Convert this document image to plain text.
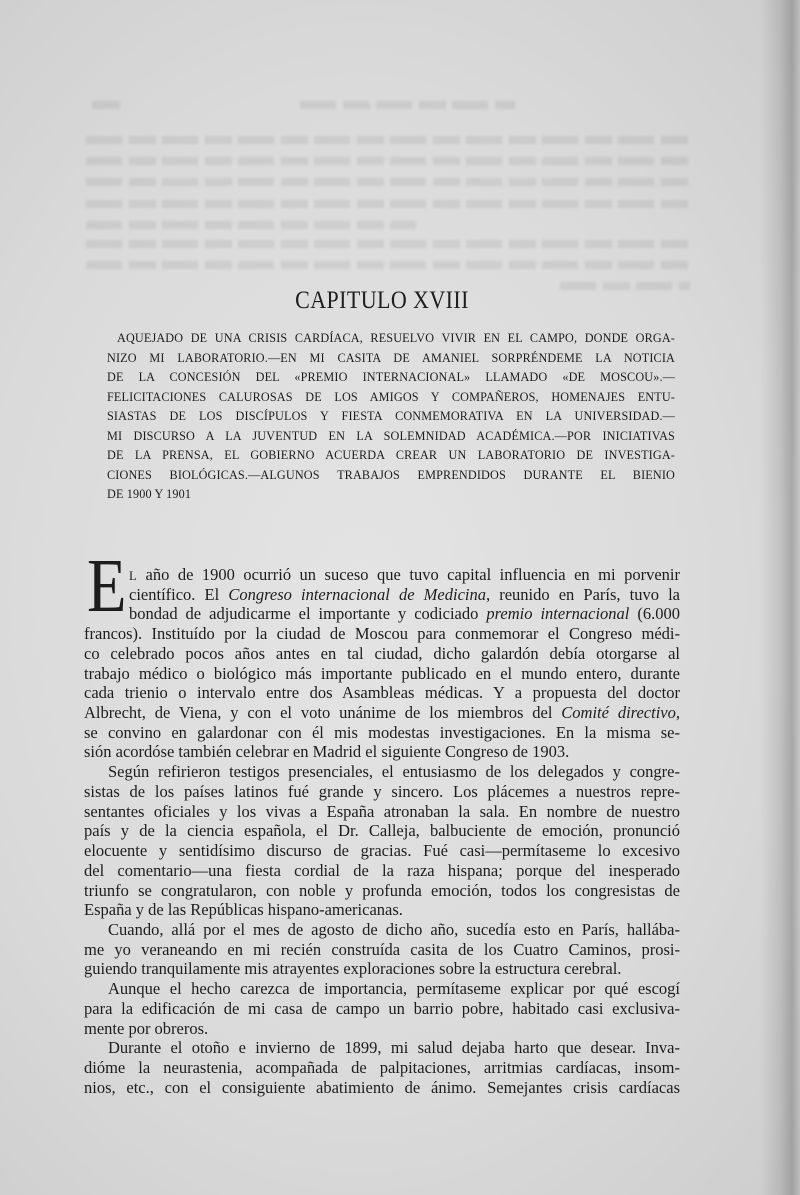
CAPITULO XVIII
AQUEJADO DE UNA CRISIS CARDÍACA, RESUELVO VIVIR EN EL CAMPO, DONDE ORGA-
NIZO MI LABORATORIO.—EN MI CASITA DE AMANIEL SORPRÉNDEME LA NOTICIA
DE LA CONCESIÓN DEL «PREMIO INTERNACIONAL» LLAMADO «DE MOSCOU».—
FELICITACIONES CALUROSAS DE LOS AMIGOS Y COMPAÑEROS, HOMENAJES ENTU-
SIASTAS DE LOS DISCÍPULOS Y FIESTA CONMEMORATIVA EN LA UNIVERSIDAD.—
MI DISCURSO A LA JUVENTUD EN LA SOLEMNIDAD ACADÉMICA.—POR INICIATIVAS
DE LA PRENSA, EL GOBIERNO ACUERDA CREAR UN LABORATORIO DE INVESTIGA-
CIONES BIOLÓGICAS.—ALGUNOS TRABAJOS EMPRENDIDOS DURANTE EL BIENIO
DE 1900 Y 1901
E L año de 1900 ocurrió un suceso que tuvo capital influencia en mi porvenir
científico. El Congreso internacional de Medicina, reunido en París, tuvo la
bondad de adjudicarme el importante y codiciado premio internacional (6.000
francos). Instituído por la ciudad de Moscou para conmemorar el Congreso médi-
co celebrado pocos años antes en tal ciudad, dicho galardón debía otorgarse al
trabajo médico o biológico más importante publicado en el mundo entero, durante
cada trienio o intervalo entre dos Asambleas médicas. Y a propuesta del doctor
Albrecht, de Viena, y con el voto unánime de los miembros del Comité directivo,
se convino en galardonar con él mis modestas investigaciones. En la misma se-
sión acordóse también celebrar en Madrid el siguiente Congreso de 1903.
Según refirieron testigos presenciales, el entusiasmo de los delegados y congre-
sistas de los países latinos fué grande y sincero. Los plácemes a nuestros repre-
sentantes oficiales y los vivas a España atronaban la sala. En nombre de nuestro
país y de la ciencia española, el Dr. Calleja, balbuciente de emoción, pronunció
elocuente y sentidísimo discurso de gracias. Fué casi—permítaseme lo excesivo
del comentario—una fiesta cordial de la raza hispana; porque del inesperado
triunfo se congratularon, con noble y profunda emoción, todos los congresistas de
España y de las Repúblicas hispano-americanas.
Cuando, allá por el mes de agosto de dicho año, sucedía esto en París, hallába-
me yo veraneando en mi recién construída casita de los Cuatro Caminos, prosi-
guiendo tranquilamente mis atrayentes exploraciones sobre la estructura cerebral.
Aunque el hecho carezca de importancia, permítaseme explicar por qué escogí
para la edificación de mi casa de campo un barrio pobre, habitado casi exclusiva-
mente por obreros.
Durante el otoño e invierno de 1899, mi salud dejaba harto que desear. Inva-
dióme la neurastenia, acompañada de palpitaciones, arritmias cardíacas, insom-
nios, etc., con el consiguiente abatimiento de ánimo. Semejantes crisis cardíacas
